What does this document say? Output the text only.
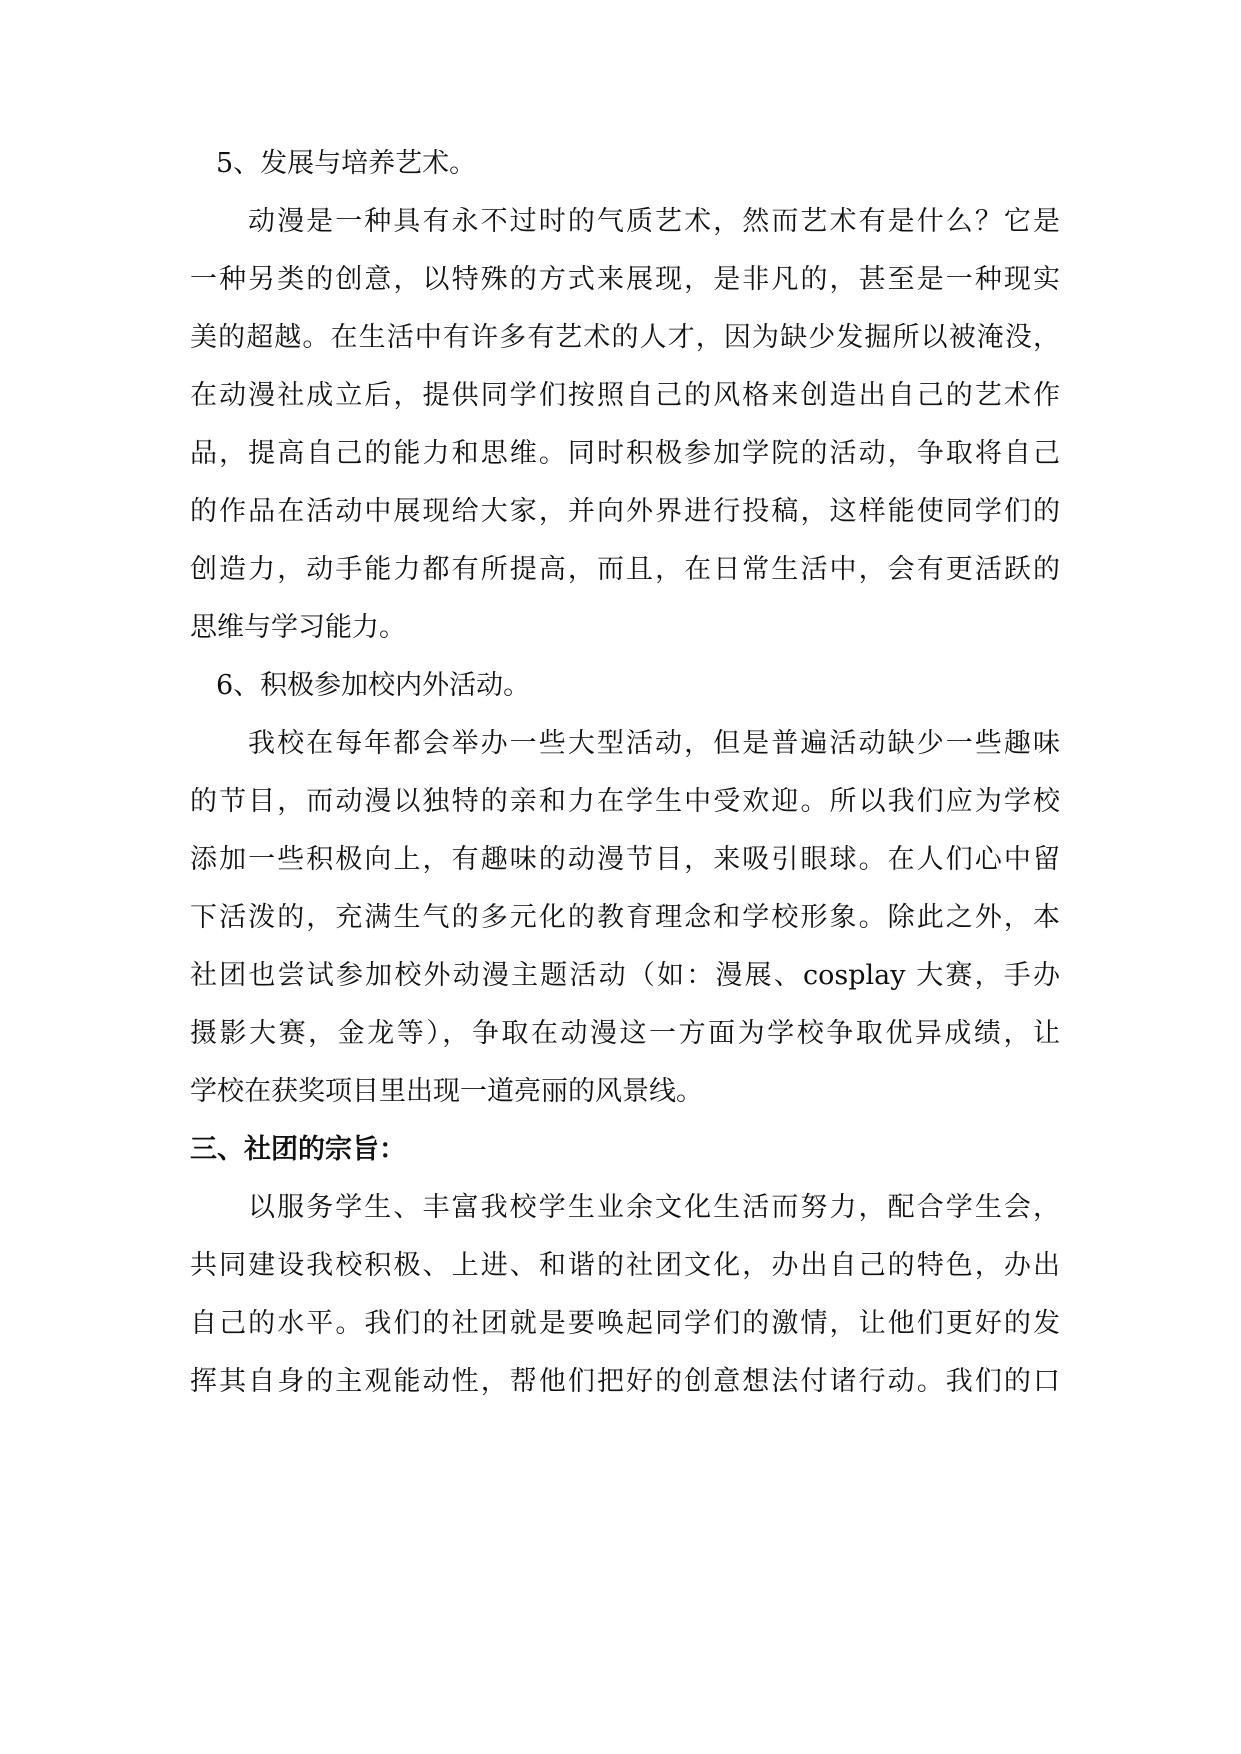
5、发展与培养艺术。
动漫是一种具有永不过时的气质艺术，然而艺术有是什么？它是
一种另类的创意，以特殊的方式来展现，是非凡的，甚至是一种现实
美的超越。在生活中有许多有艺术的人才，因为缺少发掘所以被淹没，
在动漫社成立后，提供同学们按照自己的风格来创造出自己的艺术作
品，提高自己的能力和思维。同时积极参加学院的活动，争取将自己
的作品在活动中展现给大家，并向外界进行投稿，这样能使同学们的
创造力，动手能力都有所提高，而且，在日常生活中，会有更活跃的
思维与学习能力。
6、积极参加校内外活动。
我校在每年都会举办一些大型活动，但是普遍活动缺少一些趣味
的节目，而动漫以独特的亲和力在学生中受欢迎。所以我们应为学校
添加一些积极向上，有趣味的动漫节目，来吸引眼球。在人们心中留
下活泼的，充满生气的多元化的教育理念和学校形象。除此之外，本
社团也尝试参加校外动漫主题活动（如：漫展、cosplay 大赛，手办
摄影大赛，金龙等），争取在动漫这一方面为学校争取优异成绩，让
学校在获奖项目里出现一道亮丽的风景线。
三、社团的宗旨：
以服务学生、丰富我校学生业余文化生活而努力，配合学生会，
共同建设我校积极、上进、和谐的社团文化，办出自己的特色，办出
自己的水平。我们的社团就是要唤起同学们的激情，让他们更好的发
挥其自身的主观能动性，帮他们把好的创意想法付诸行动。我们的口
